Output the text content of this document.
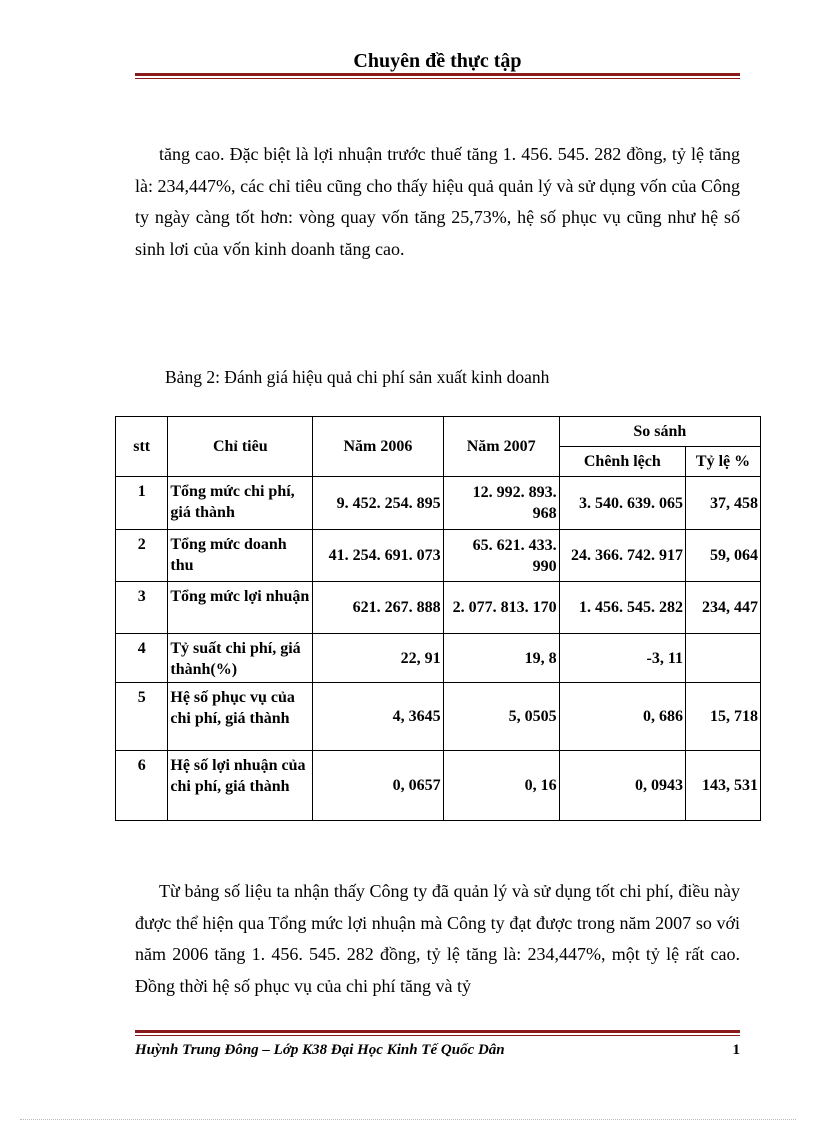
Chuyên đề thực tập

tăng cao. Đặc biệt là lợi nhuận trước thuế tăng 1. 456. 545. 282 đồng, tỷ lệ tăng là: 234,447%, các chỉ tiêu cũng cho thấy hiệu quả quản lý và sử dụng vốn của Công ty ngày càng tốt hơn: vòng quay vốn tăng 25,73%, hệ số phục vụ cũng như hệ số sinh lơi của vốn kinh doanh tăng cao.

Bảng 2: Đánh giá hiệu quả chi phí sản xuất kinh doanh
stt	Chỉ tiêu	Năm 2006	Năm 2007	So sánh	
				Chênh lệch	Tỷ lệ %
1	Tổng mức chi phí, giá thành	9. 452. 254. 895	12. 992. 893. 968	3. 540. 639. 065	37, 458
2	Tổng mức doanh thu	41. 254. 691. 073	65. 621. 433. 990	24. 366. 742. 917	59, 064
3	Tổng mức lợi nhuận	621. 267. 888	2. 077. 813. 170	1. 456. 545. 282	234, 447
4	Tỷ suất chi phí, giá thành(%)	22, 91	19, 8	-3, 11	
5	Hệ số phục vụ của chi phí, giá thành	4, 3645	5, 0505	0, 686	15, 718
6	Hệ số lợi nhuận của chi phí, giá thành	0, 0657	0, 16	0, 0943	143, 531

Từ bảng số liệu ta nhận thấy Công ty đã quản lý và sử dụng tốt chi phí, điều này được thể hiện qua Tổng mức lợi nhuận mà Công ty đạt được trong năm 2007 so với năm 2006 tăng 1. 456. 545. 282 đồng, tỷ lệ tăng là: 234,447%, một tỷ lệ rất cao. Đồng thời hệ số phục vụ của chi phí tăng và tỷ

Huỳnh Trung Đông – Lớp K38 Đại Học Kinh Tế Quốc Dân	1
